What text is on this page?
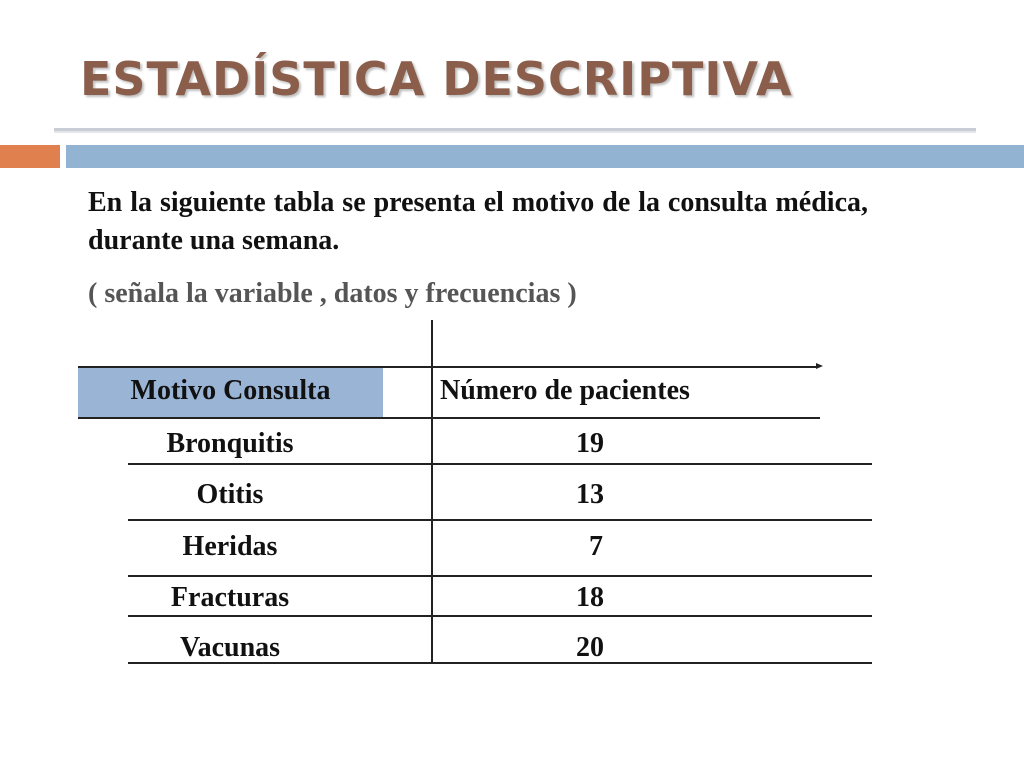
ESTADÍSTICA DESCRIPTIVA
En la siguiente tabla se presenta el motivo de la consulta médica, durante una semana.
( señala la variable , datos y frecuencias )
Motivo Consulta	Número de pacientes
Bronquitis	19
Otitis	13
Heridas	7
Fracturas	18
Vacunas	20
